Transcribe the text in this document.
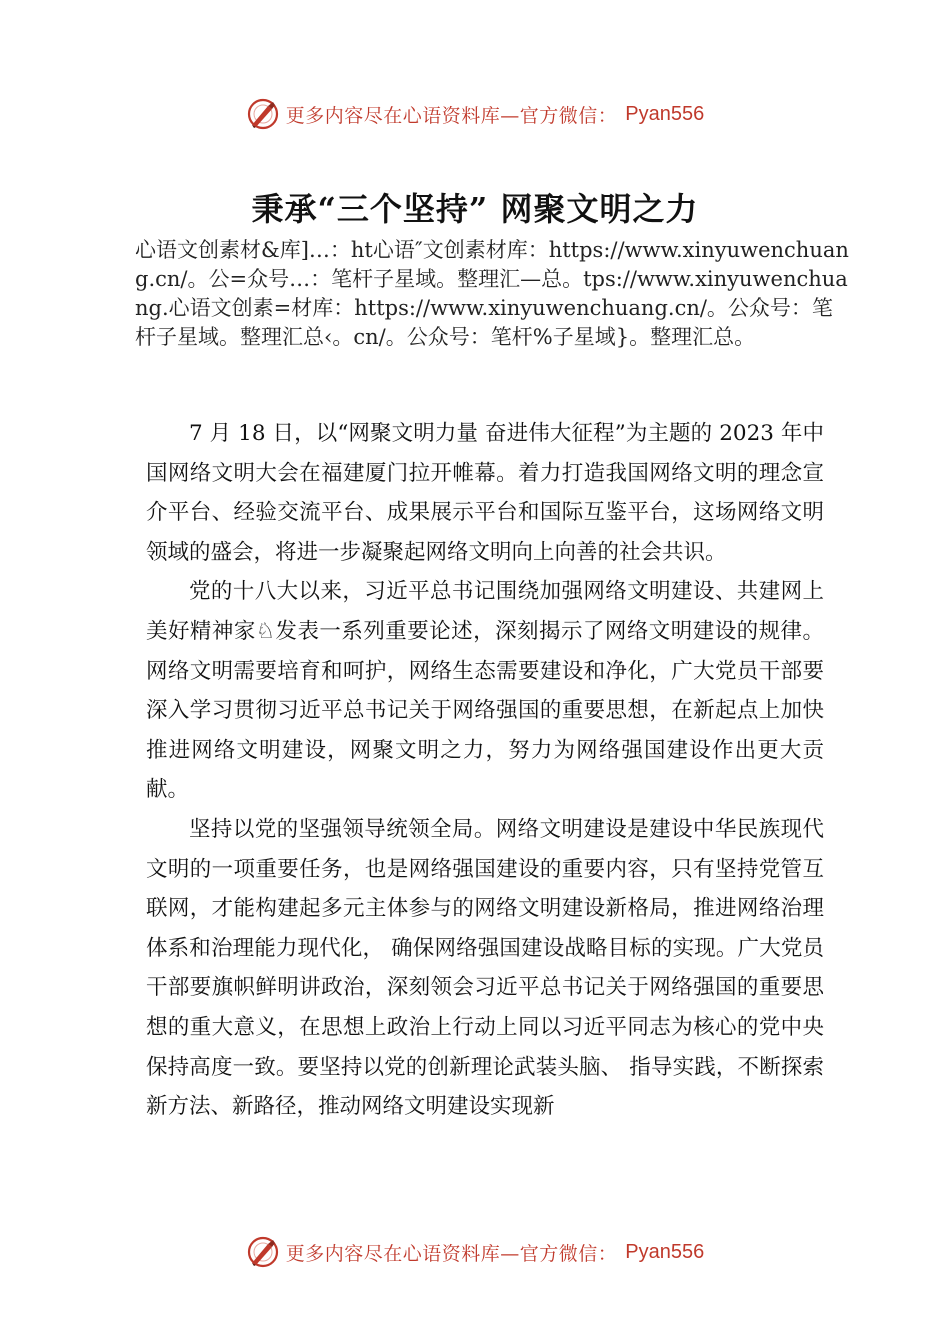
更多内容尽在心语资料库—官方微信： Pyan556
秉承“三个坚持” 网聚文明之力
心语文创素材&库]…：ht心语″文创素材库：https://www.xinyuwenchuang.cn/。公=众号…：笔杆子星域。整理汇—总。tps://www.xinyuwenchuang.心语文创素=材库：https://www.xinyuwenchuang.cn/。公众号：笔杆子星域。整理汇总‹。cn/。公众号：笔杆%子星域}。整理汇总。

7 月 18 日，以“网聚文明力量 奋进伟大征程”为主题的 2023 年中国网络文明大会在福建厦门拉开帷幕。着力打造我国网络文明的理念宣介平台、经验交流平台、成果展示平台和国际互鉴平台，这场网络文明领域的盛会，将进一步凝聚起网络文明向上向善的社会共识。

党的十八大以来，习近平总书记围绕加强网络文明建设、共建网上美好精神家♘发表一系列重要论述，深刻揭示了网络文明建设的规律。网络文明需要培育和呵护，网络生态需要建设和净化，广大党员干部要深入学习贯彻习近平总书记关于网络强国的重要思想，在新起点上加快推进网络文明建设，网聚文明之力，努力为网络强国建设作出更大贡献。

坚持以党的坚强领导统领全局。网络文明建设是建设中华民族现代文明的一项重要任务，也是网络强国建设的重要内容，只有坚持党管互联网，才能构建起多元主体参与的网络文明建设新格局，推进网络治理体系和治理能力现代化， 确保网络强国建设战略目标的实现。广大党员干部要旗帜鲜明讲政治，深刻领会习近平总书记关于网络强国的重要思想的重大意义，在思想上政治上行动上同以习近平同志为核心的党中央保持高度一致。要坚持以党的创新理论武装头脑、 指导实践，不断探索新方法、新路径，推动网络文明建设实现新

更多内容尽在心语资料库—官方微信： Pyan556
